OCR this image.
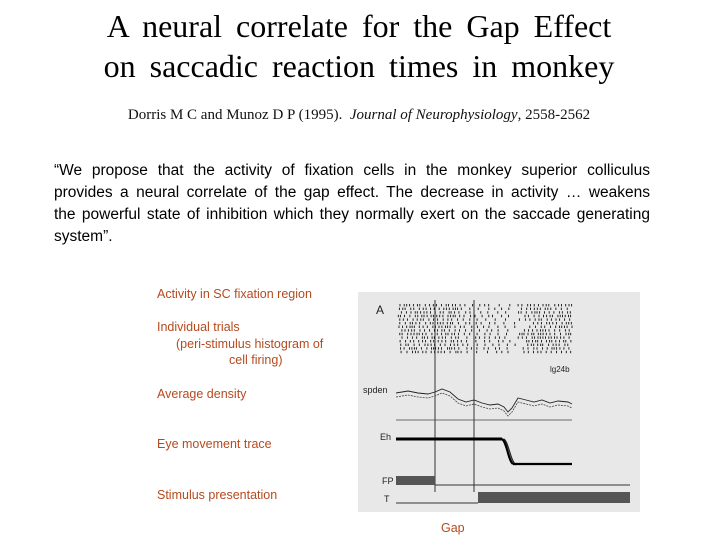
A neural correlate for the Gap Effect
on saccadic reaction times in monkey
Dorris M C and Munoz D P (1995). Journal of Neurophysiology, 2558-2562
“We propose that the activity of fixation cells in the monkey superior colliculus provides a neural correlate of the gap effect. The decrease in activity … weakens the powerful state of inhibition which they normally exert on the saccade generating system”.
Activity in SC fixation region
Individual trials
(peri-stimulus histogram of
cell firing)
Average density
Eye movement trace
Stimulus presentation
Gap
A
lg24b
spden
Eh
FP
T
